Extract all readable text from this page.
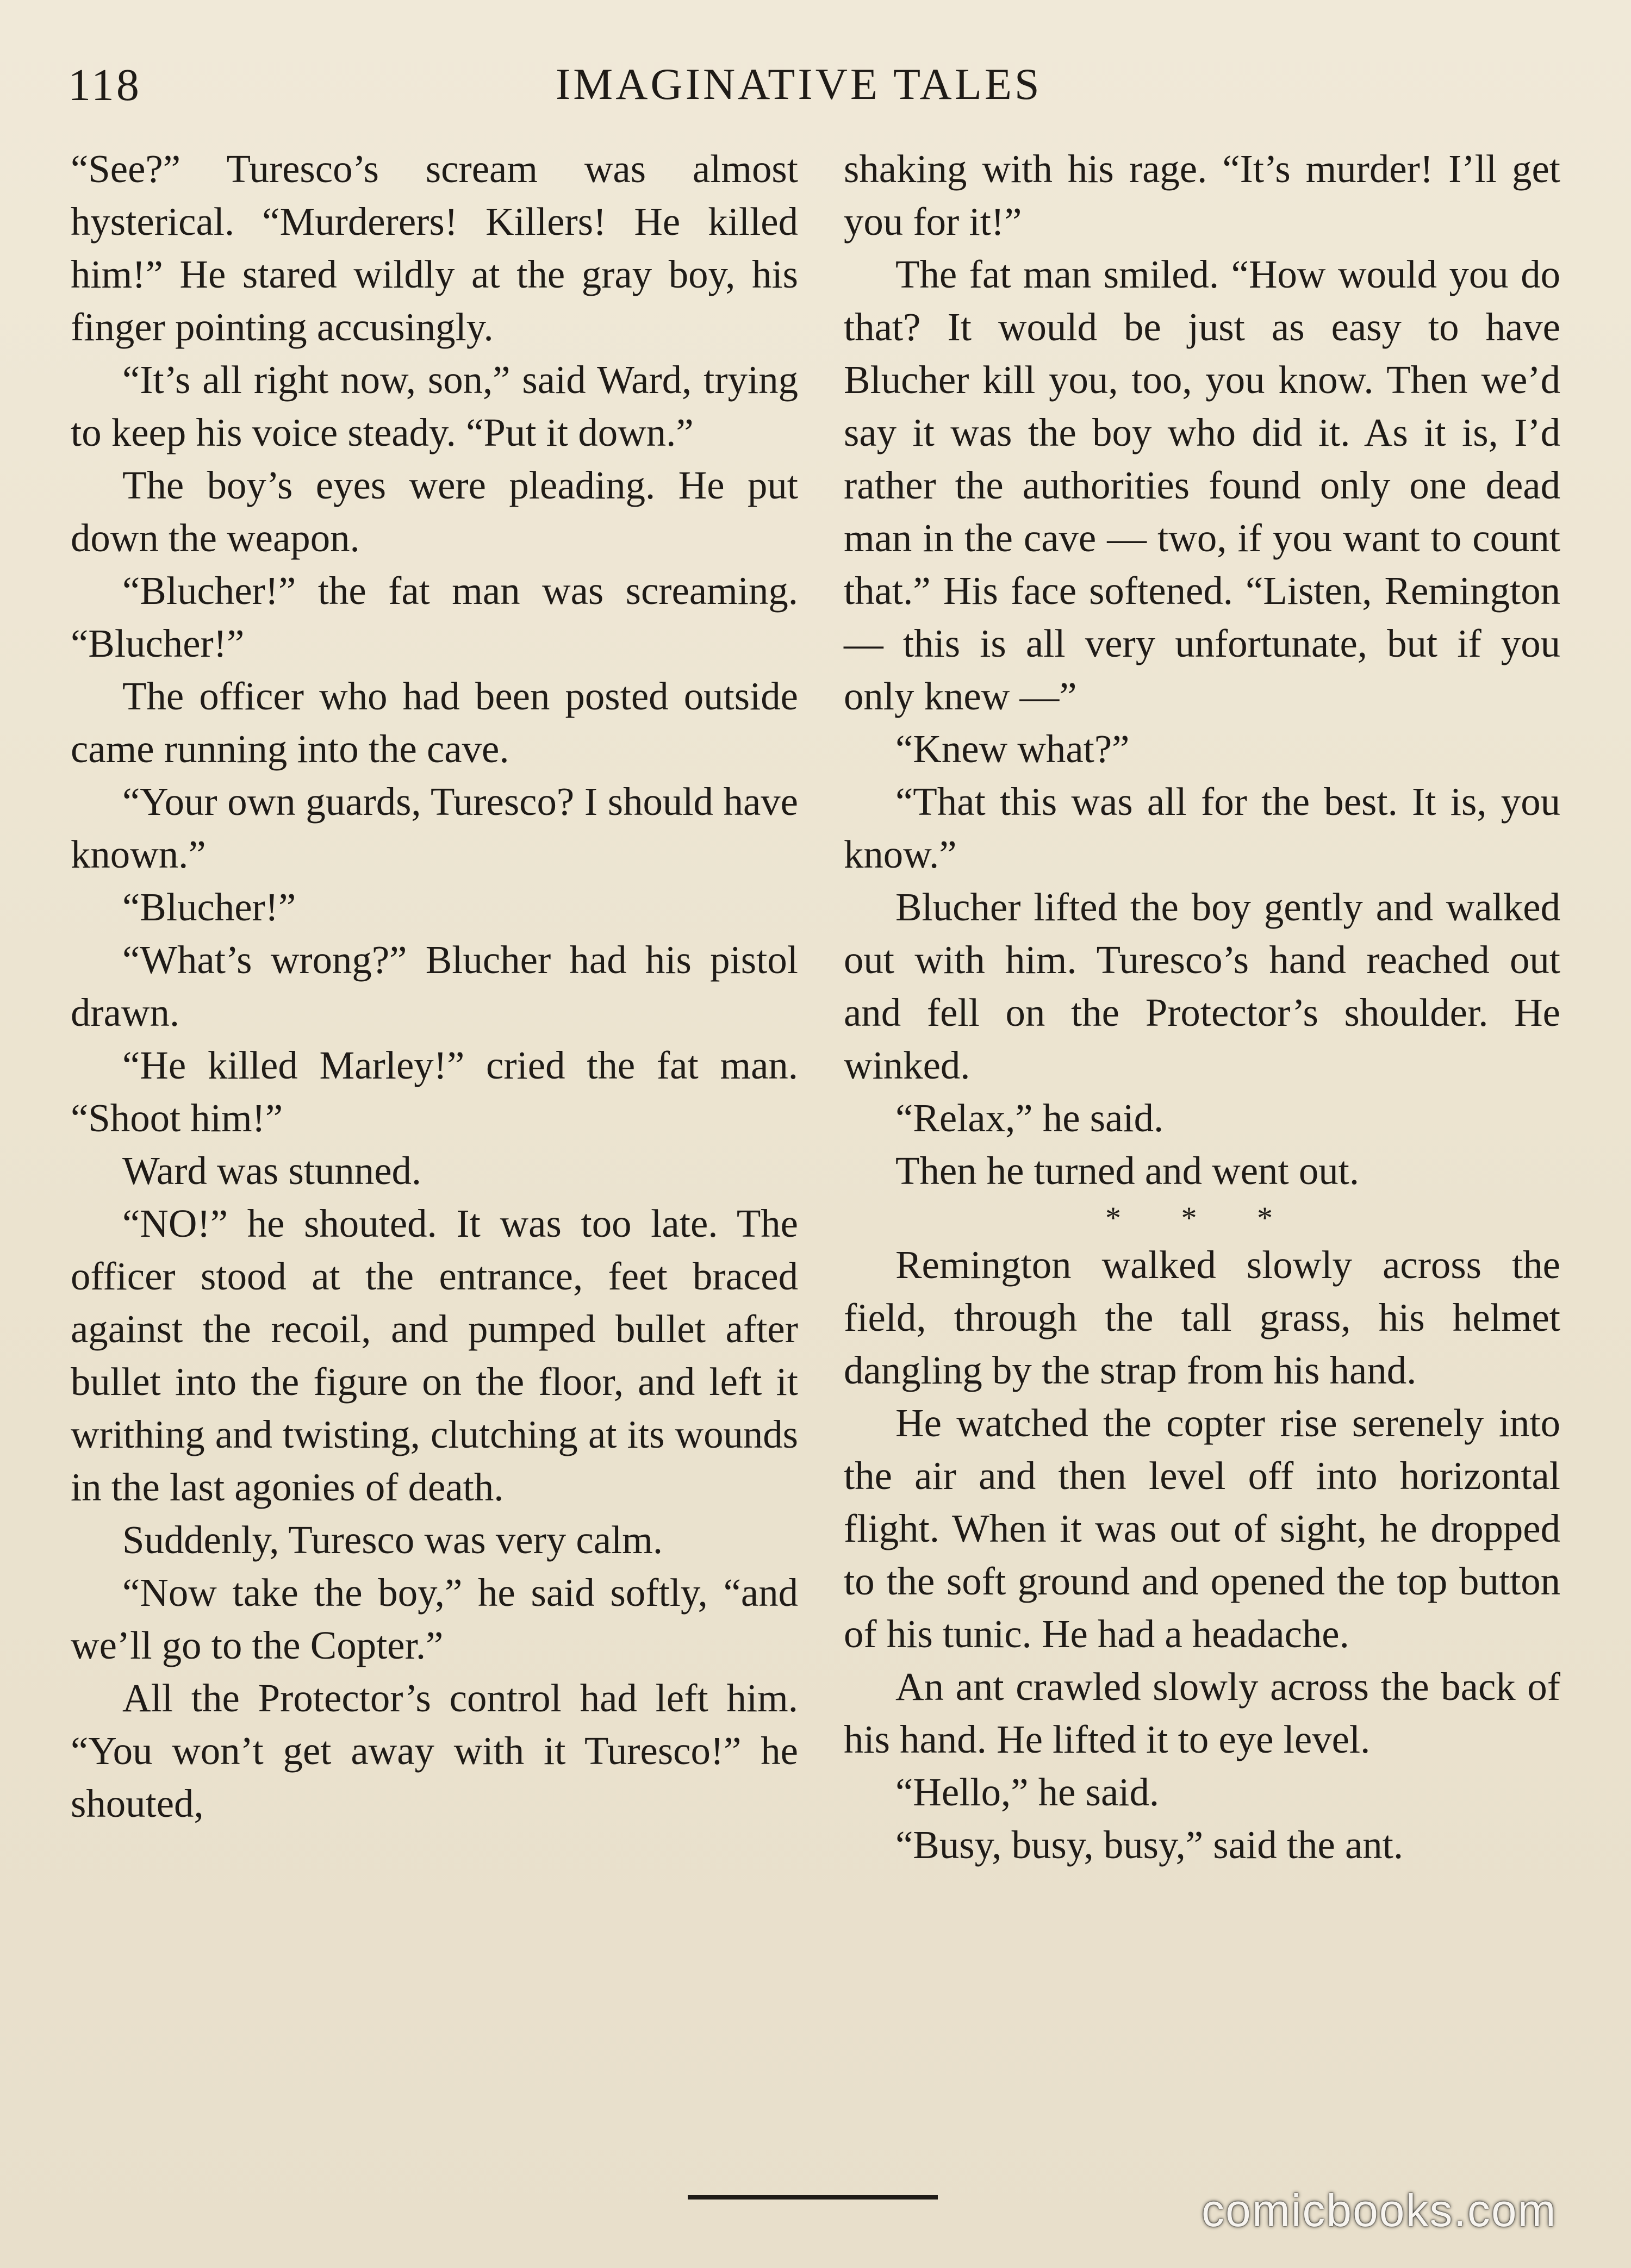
118	IMAGINATIVE TALES

“See?” Turesco’s scream was almost hysterical. “Murderers! Killers! He killed him!” He stared wildly at the gray boy, his finger pointing accusingly.

“It’s all right now, son,” said Ward, trying to keep his voice steady. “Put it down.”

The boy’s eyes were pleading. He put down the weapon.

“Blucher!” the fat man was screaming. “Blucher!”

The officer who had been posted outside came running into the cave.

“Your own guards, Turesco? I should have known.”

“Blucher!”

“What’s wrong?” Blucher had his pistol drawn.

“He killed Marley!” cried the fat man. “Shoot him!”

Ward was stunned.

“NO!” he shouted. It was too late. The officer stood at the entrance, feet braced against the recoil, and pumped bullet after bullet into the figure on the floor, and left it writhing and twisting, clutching at its wounds in the last agonies of death.

Suddenly, Turesco was very calm.

“Now take the boy,” he said softly, “and we’ll go to the Copter.”

All the Protector’s control had left him. “You won’t get away with it Turesco!” he shouted,

shaking with his rage. “It’s murder! I’ll get you for it!”

The fat man smiled. “How would you do that? It would be just as easy to have Blucher kill you, too, you know. Then we’d say it was the boy who did it. As it is, I’d rather the authorities found only one dead man in the cave — two, if you want to count that.” His face softened. “Listen, Remington — this is all very unfortunate, but if you only knew —”

“Knew what?”

“That this was all for the best. It is, you know.”

Blucher lifted the boy gently and walked out with him. Turesco’s hand reached out and fell on the Protector’s shoulder. He winked.

“Relax,” he said.

Then he turned and went out.

* * *

Remington walked slowly across the field, through the tall grass, his helmet dangling by the strap from his hand.

He watched the copter rise serenely into the air and then level off into horizontal flight. When it was out of sight, he dropped to the soft ground and opened the top button of his tunic. He had a headache.

An ant crawled slowly across the back of his hand. He lifted it to eye level.

“Hello,” he said.

“Busy, busy, busy,” said the ant.

comicbooks.com
